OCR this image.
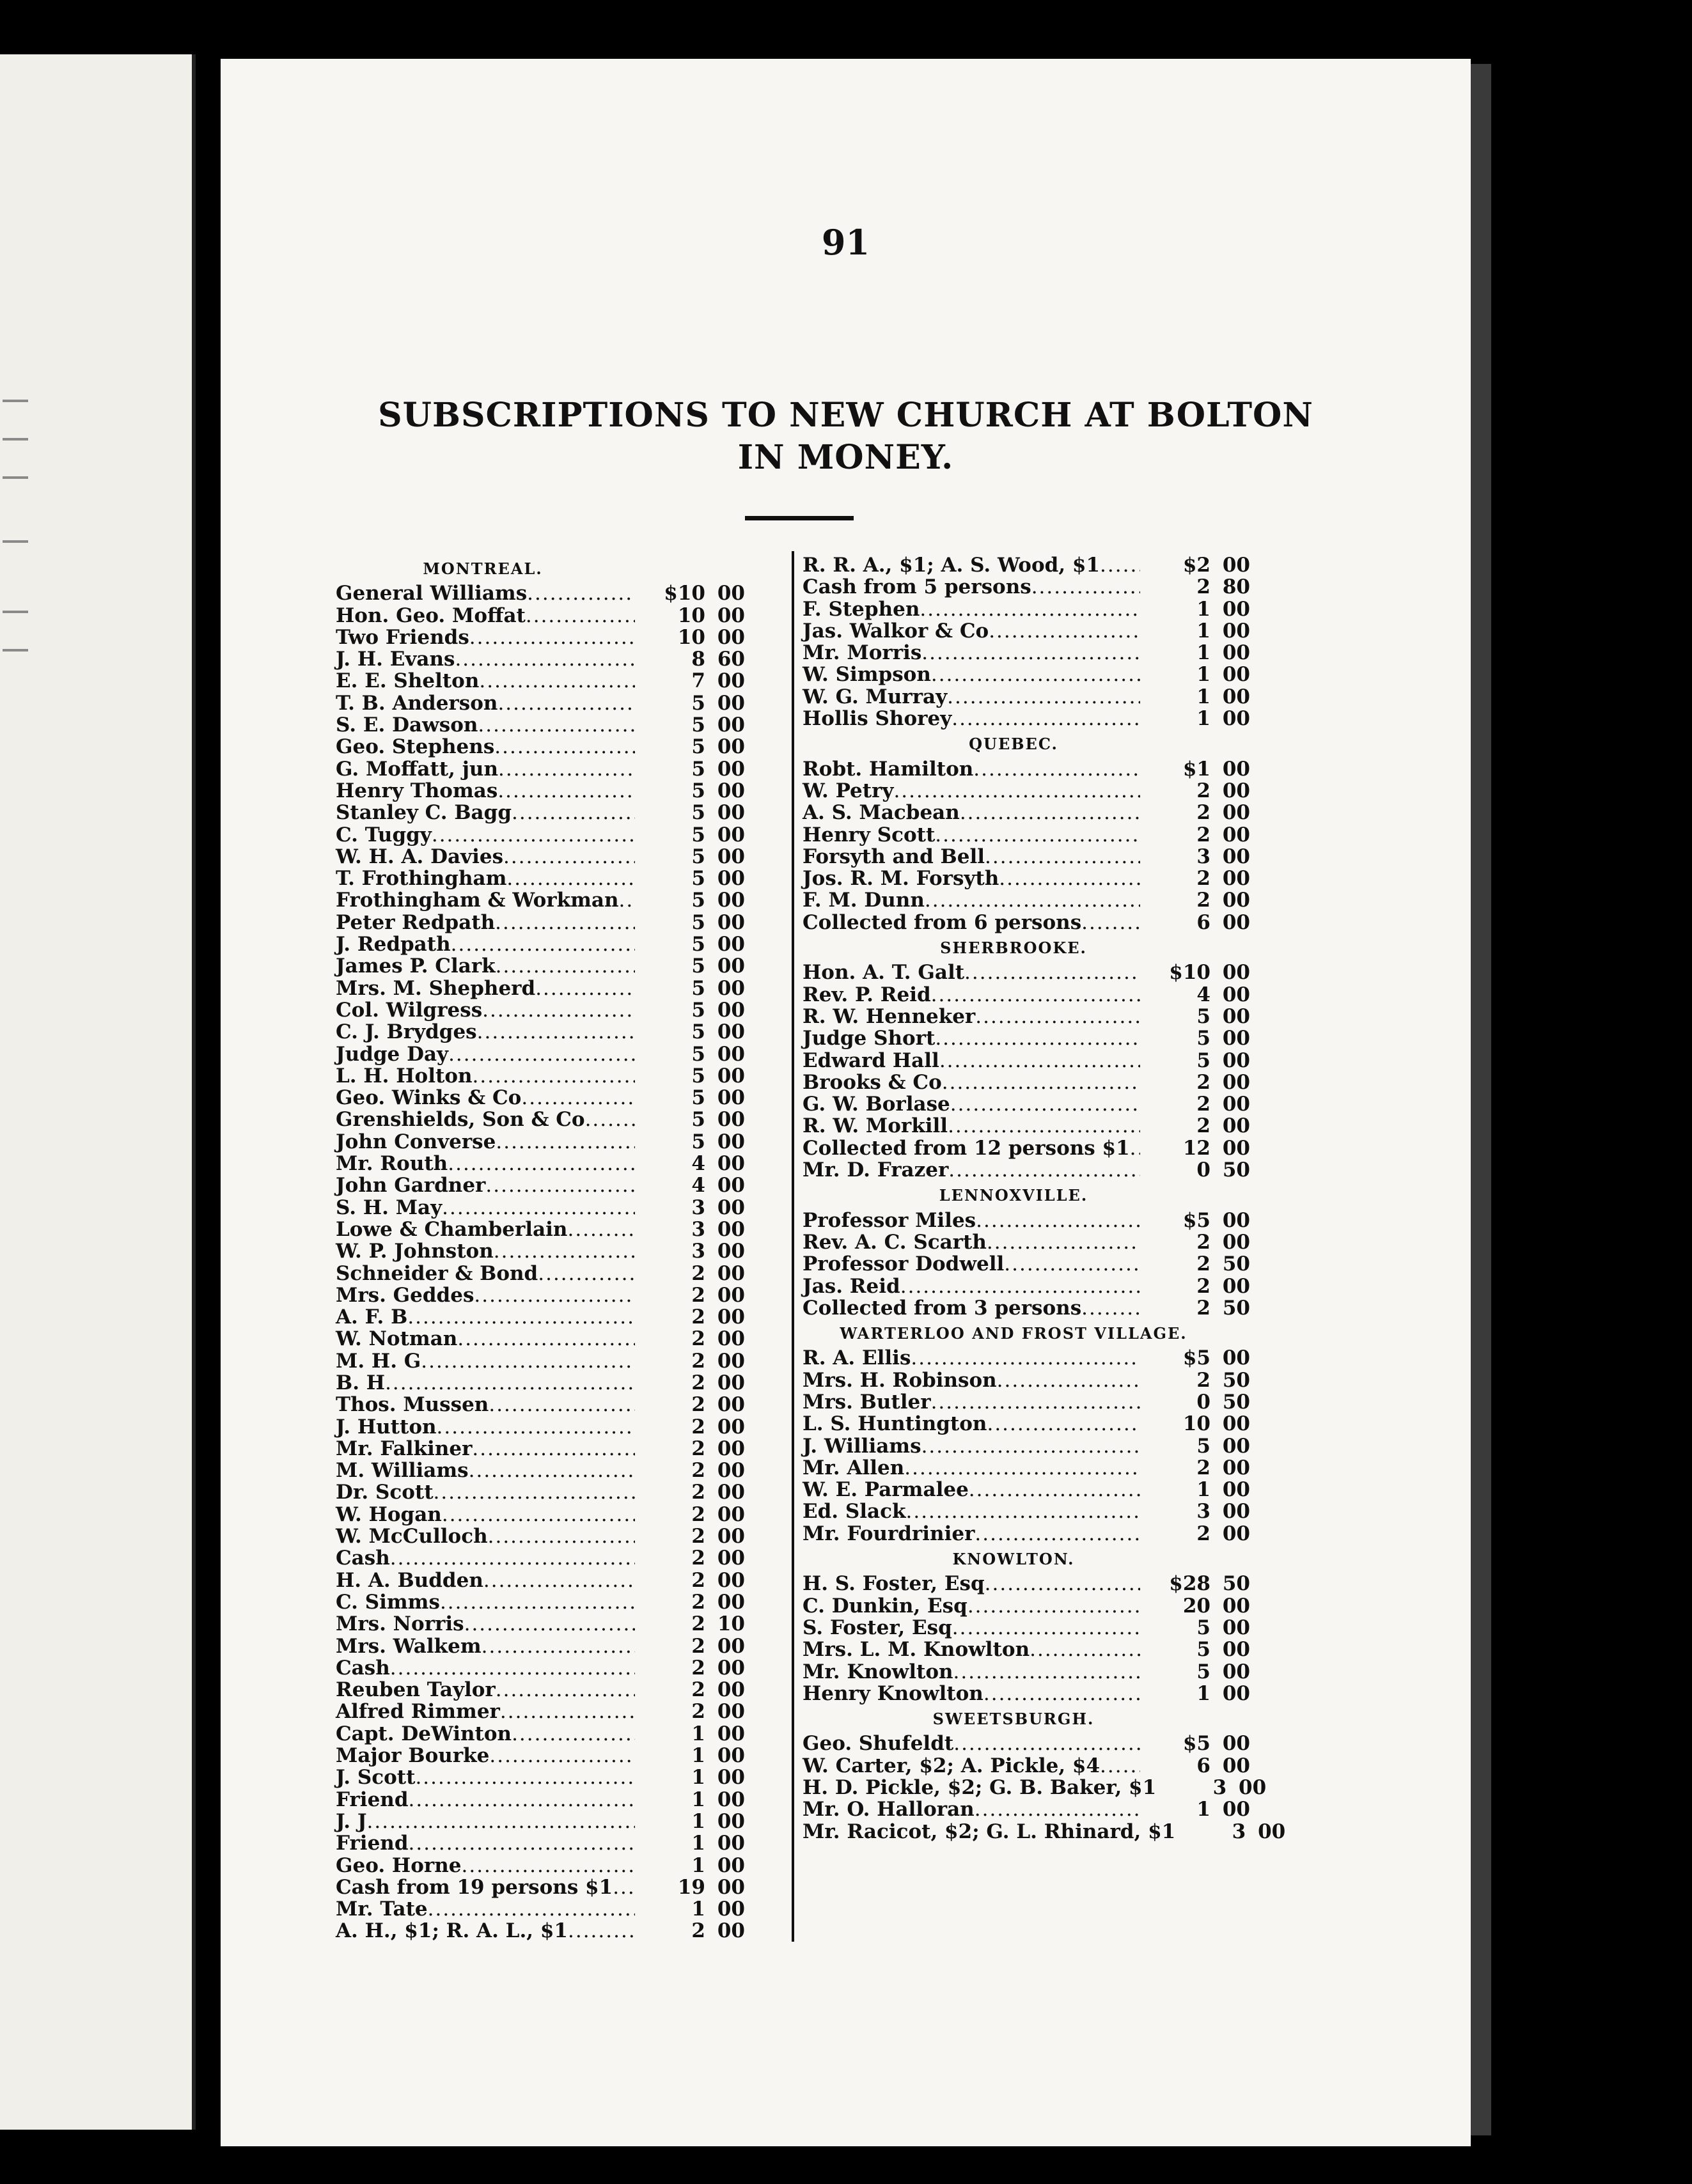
91
SUBSCRIPTIONS TO NEW CHURCH AT BOLTON
IN MONEY.
MONTREAL.
General Williams .....	$10 00
Hon. Geo. Moffat .....	10 00
Two Friends .....	10 00
J. H. Evans .....	8 60
E. E. Shelton .....	7 00
T. B. Anderson .....	5 00
S. E. Dawson .....	5 00
Geo. Stephens .....	5 00
G. Moffatt, jun .....	5 00
Henry Thomas .....	5 00
Stanley C. Bagg .....	5 00
C. Tuggy .....	5 00
W. H. A. Davies .....	5 00
T. Frothingham .....	5 00
Frothingham & Workman .....	5 00
Peter Redpath .....	5 00
J. Redpath .....	5 00
James P. Clark .....	5 00
Mrs. M. Shepherd .....	5 00
Col. Wilgress .....	5 00
C. J. Brydges .....	5 00
Judge Day .....	5 00
L. H. Holton .....	5 00
Geo. Winks & Co .....	5 00
Grenshields, Son & Co .....	5 00
John Converse .....	5 00
Mr. Routh .....	4 00
John Gardner .....	4 00
S. H. May .....	3 00
Lowe & Chamberlain .....	3 00
W. P. Johnston .....	3 00
Schneider & Bond .....	2 00
Mrs. Geddes .....	2 00
A. F. B .....	2 00
W. Notman .....	2 00
M. H. G .....	2 00
B. H .....	2 00
Thos. Mussen .....	2 00
J. Hutton .....	2 00
Mr. Falkiner .....	2 00
M. Williams .....	2 00
Dr. Scott .....	2 00
W. Hogan .....	2 00
W. McCulloch .....	2 00
Cash .....	2 00
H. A. Budden .....	2 00
C. Simms .....	2 00
Mrs. Norris .....	2 10
Mrs. Walkem .....	2 00
Cash .....	2 00
Reuben Taylor .....	2 00
Alfred Rimmer .....	2 00
Capt. DeWinton .....	1 00
Major Bourke .....	1 00
J. Scott .....	1 00
Friend .....	1 00
J. J .....	1 00
Friend .....	1 00
Geo. Horne .....	1 00
Cash from 19 persons $1 .....	19 00
Mr. Tate .....	1 00
A. H., $1; R. A. L., $1 .....	2 00
R. R. A., $1; A. S. Wood, $1 .....	$2 00
Cash from 5 persons .....	2 80
F. Stephen .....	1 00
Jas. Walkor & Co .....	1 00
Mr. Morris .....	1 00
W. Simpson .....	1 00
W. G. Murray .....	1 00
Hollis Shorey .....	1 00
QUEBEC.
Robt. Hamilton .....	$1 00
W. Petry .....	2 00
A. S. Macbean .....	2 00
Henry Scott .....	2 00
Forsyth and Bell .....	3 00
Jos. R. M. Forsyth .....	2 00
F. M. Dunn .....	2 00
Collected from 6 persons .....	6 00
SHERBROOKE.
Hon. A. T. Galt .....	$10 00
Rev. P. Reid .....	4 00
R. W. Henneker .....	5 00
Judge Short .....	5 00
Edward Hall .....	5 00
Brooks & Co .....	2 00
G. W. Borlase .....	2 00
R. W. Morkill .....	2 00
Collected from 12 persons $1 .....	12 00
Mr. D. Frazer .....	0 50
LENNOXVILLE.
Professor Miles .....	$5 00
Rev. A. C. Scarth .....	2 00
Professor Dodwell .....	2 50
Jas. Reid .....	2 00
Collected from 3 persons .....	2 50
WARTERLOO AND FROST VILLAGE.
R. A. Ellis .....	$5 00
Mrs. H. Robinson .....	2 50
Mrs. Butler .....	0 50
L. S. Huntington .....	10 00
J. Williams .....	5 00
Mr. Allen .....	2 00
W. E. Parmalee .....	1 00
Ed. Slack .....	3 00
Mr. Fourdrinier .....	2 00
KNOWLTON.
H. S. Foster, Esq .....	$28 50
C. Dunkin, Esq .....	20 00
S. Foster, Esq .....	5 00
Mrs. L. M. Knowlton .....	5 00
Mr. Knowlton .....	5 00
Henry Knowlton .....	1 00
SWEETSBURGH.
Geo. Shufeldt .....	$5 00
W. Carter, $2; A. Pickle, $4 .....	6 00
H. D. Pickle, $2; G. B. Baker, $1	3 00
Mr. O. Halloran .....	1 00
Mr. Racicot, $2; G. L. Rhinard, $1	3 00
